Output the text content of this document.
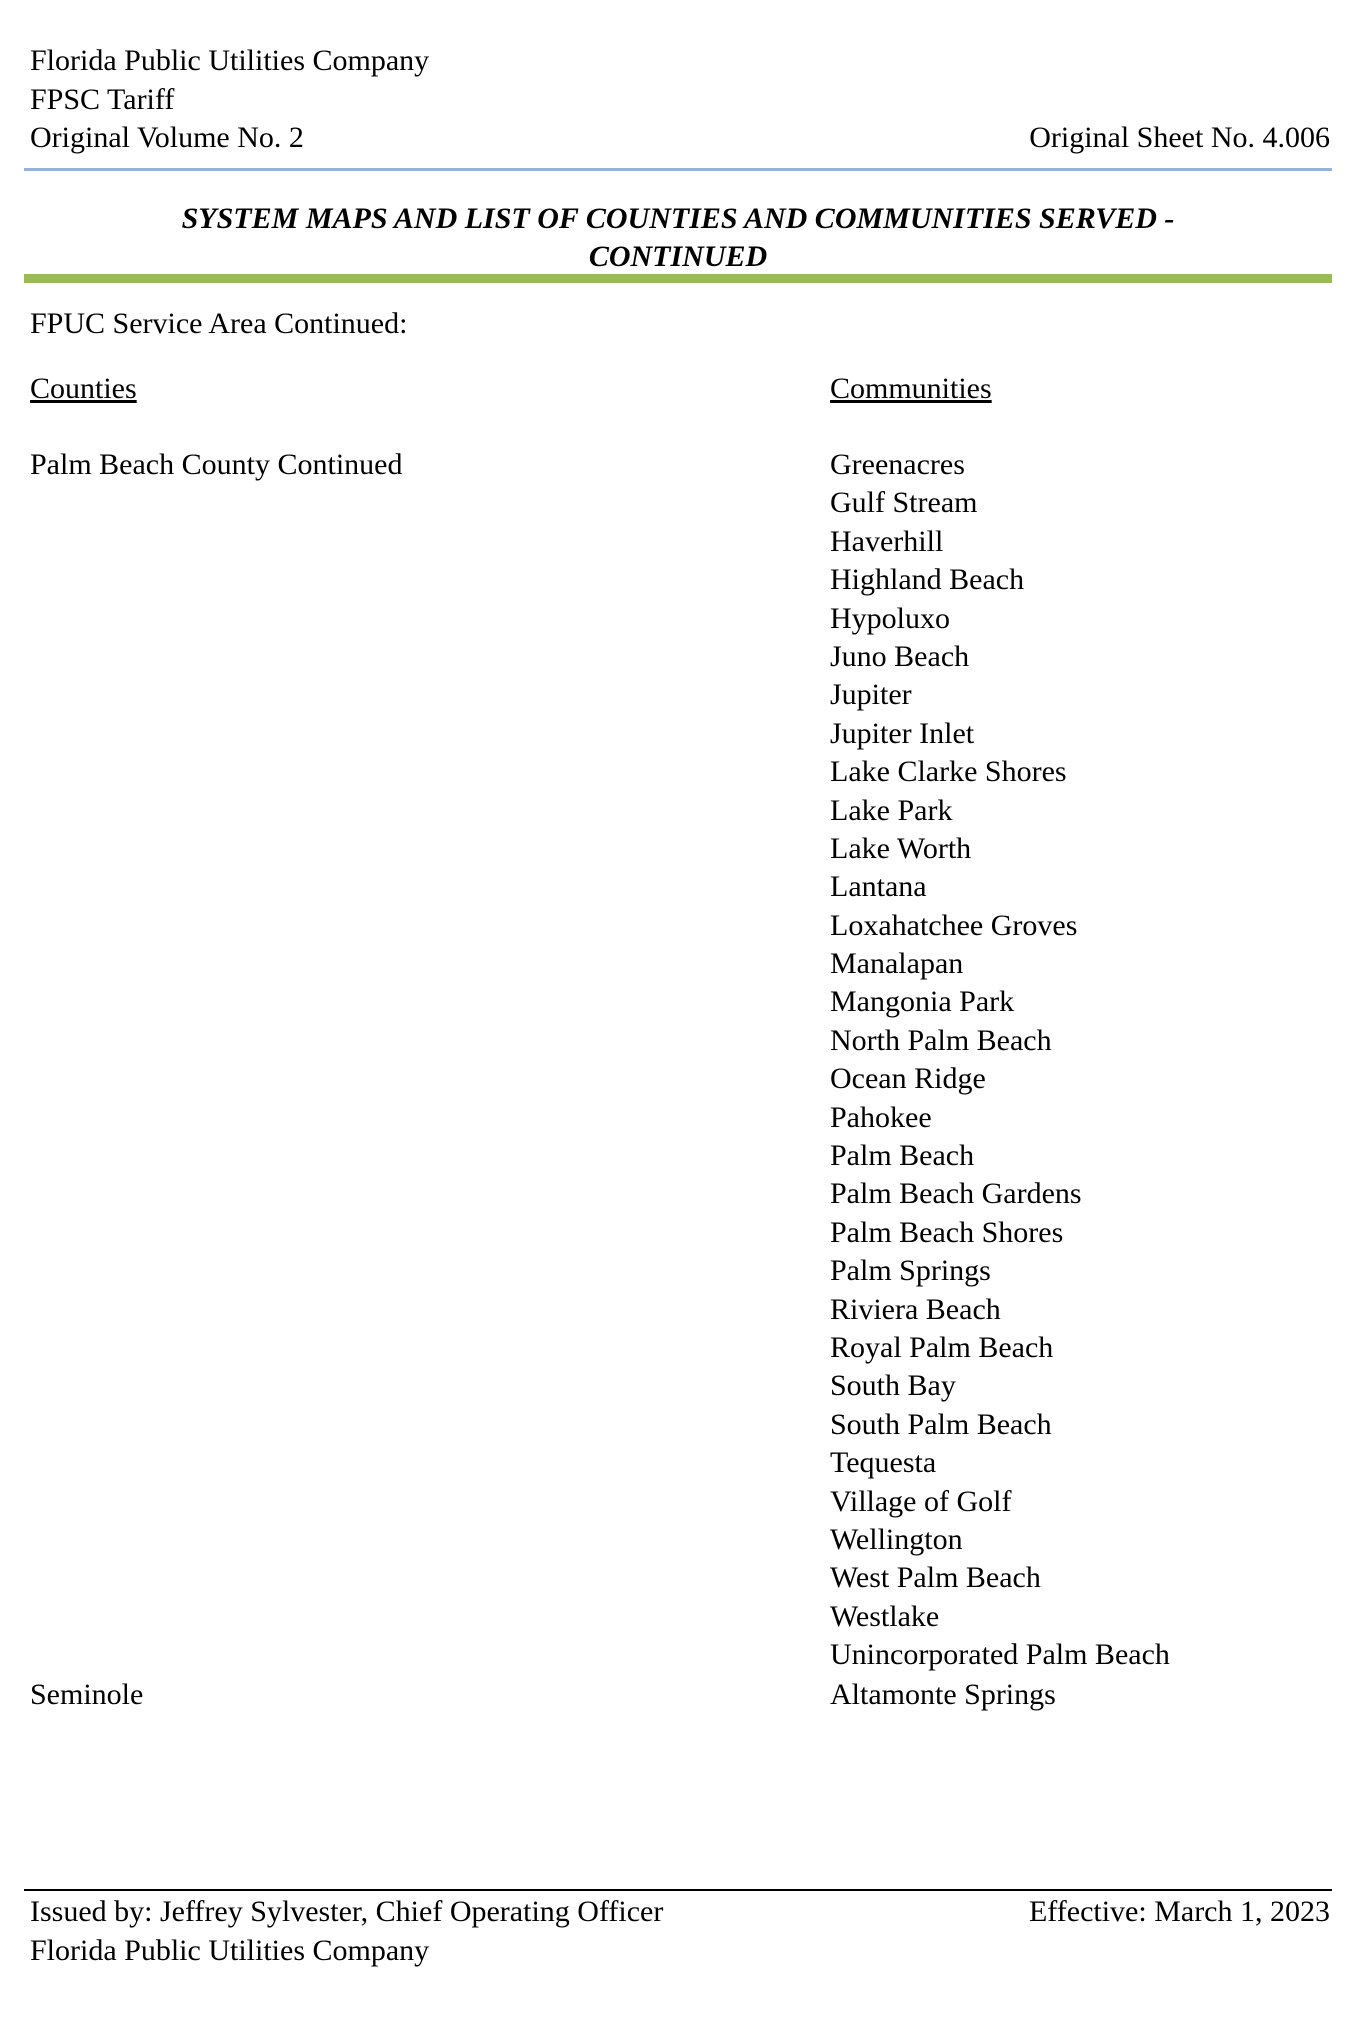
Florida Public Utilities Company
FPSC Tariff
Original Volume No. 2	Original Sheet No. 4.006
SYSTEM MAPS AND LIST OF COUNTIES AND COMMUNITIES SERVED -
CONTINUED
FPUC Service Area Continued:
Counties	Communities
Palm Beach County Continued	Greenacres
Gulf Stream
Haverhill
Highland Beach
Hypoluxo
Juno Beach
Jupiter
Jupiter Inlet
Lake Clarke Shores
Lake Park
Lake Worth
Lantana
Loxahatchee Groves
Manalapan
Mangonia Park
North Palm Beach
Ocean Ridge
Pahokee
Palm Beach
Palm Beach Gardens
Palm Beach Shores
Palm Springs
Riviera Beach
Royal Palm Beach
South Bay
South Palm Beach
Tequesta
Village of Golf
Wellington
West Palm Beach
Westlake
Unincorporated Palm Beach
Seminole	Altamonte Springs
Issued by: Jeffrey Sylvester, Chief Operating Officer
Florida Public Utilities Company
Effective: March 1, 2023
